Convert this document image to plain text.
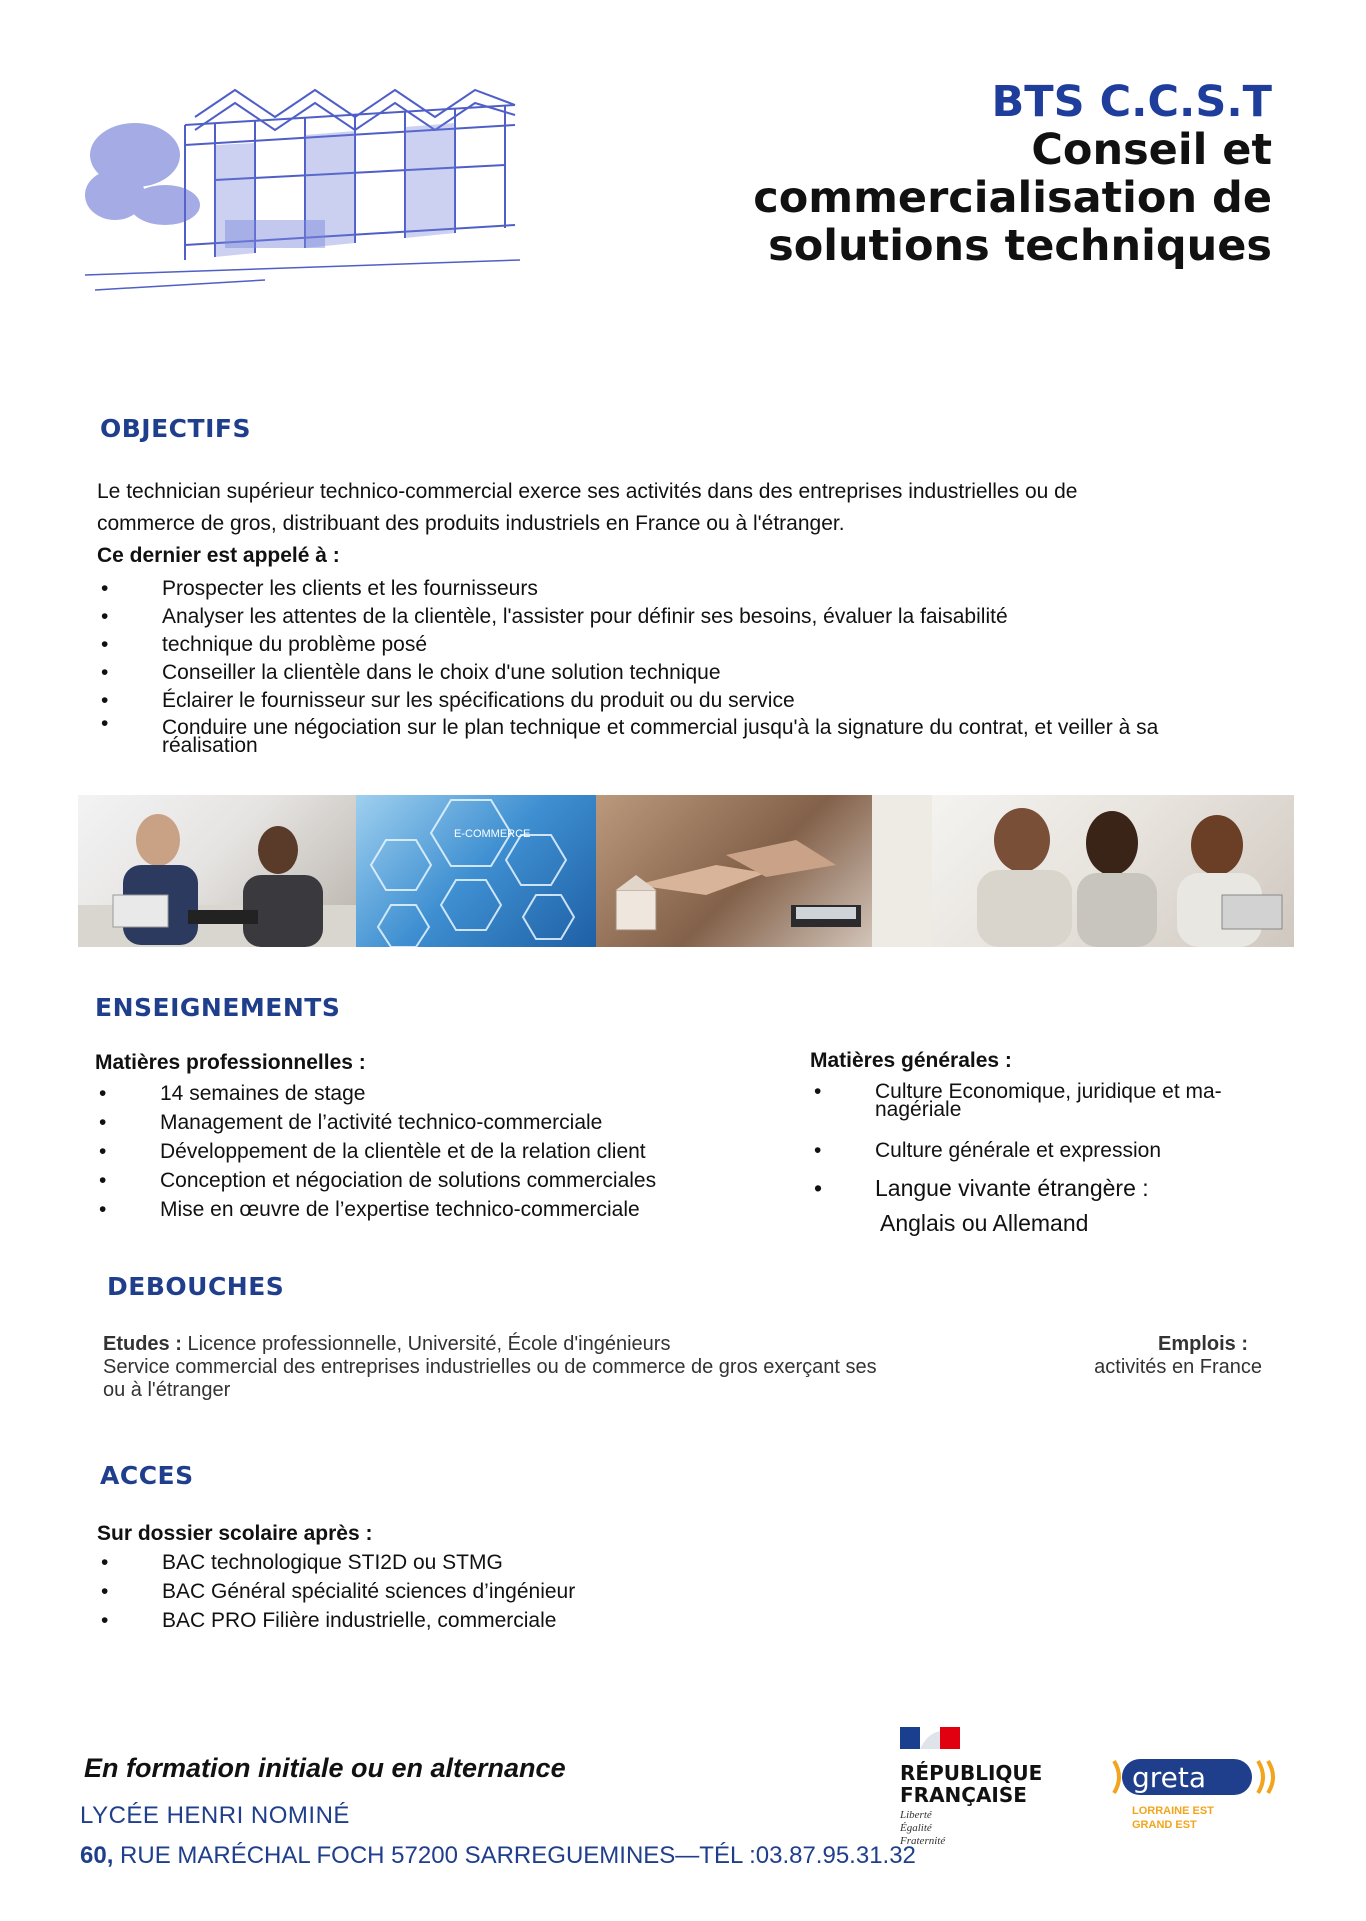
BTS C.C.S.T
Conseil et
commercialisation de
solutions techniques
OBJECTIFS
Le technician supérieur technico-commercial exerce ses activités dans des entreprises industrielles ou de
commerce de gros, distribuant des produits industriels en France ou à l'étranger.
Ce dernier est appelé à :
•	Prospecter les clients et les fournisseurs
•	Analyser les attentes de la clientèle, l'assister pour définir ses besoins, évaluer la faisabilité
•	technique du problème posé
•	Conseiller la clientèle dans le choix d'une solution technique
•	Éclairer le fournisseur sur les spécifications du produit ou du service
•	Conduire une négociation sur le plan technique et commercial jusqu'à la signature du contrat, et veiller à sa
réalisation
E-COMMERCE
ENSEIGNEMENTS
Matières professionnelles :
•	14 semaines de stage
•	Management de l’activité technico-commerciale
•	Développement de la clientèle et de la relation client
•	Conception et négociation de solutions commerciales
•	Mise en œuvre de l’expertise technico-commerciale
Matières générales :
•	Culture Economique, juridique et ma-
nagériale
•	Culture générale et expression
• Langue vivante étrangère :
Anglais ou Allemand
DEBOUCHES
Etudes : Licence professionnelle, Université, École d'ingénieurs
Service commercial des entreprises industrielles ou de commerce de gros exerçant ses
ou à l'étranger
Emplois :
activités en France
ACCES
Sur dossier scolaire après :
•	BAC technologique STI2D ou STMG
•	BAC Général spécialité sciences d’ingénieur
•	BAC PRO Filière industrielle, commerciale
En formation initiale ou en alternance
LYCÉE HENRI NOMINÉ
60, RUE MARÉCHAL FOCH 57200 SARREGUEMINES—TÉL :03.87.95.31.32
RÉPUBLIQUE
FRANÇAISE
Liberté
Égalité
Fraternité
greta
LORRAINE EST
GRAND EST
